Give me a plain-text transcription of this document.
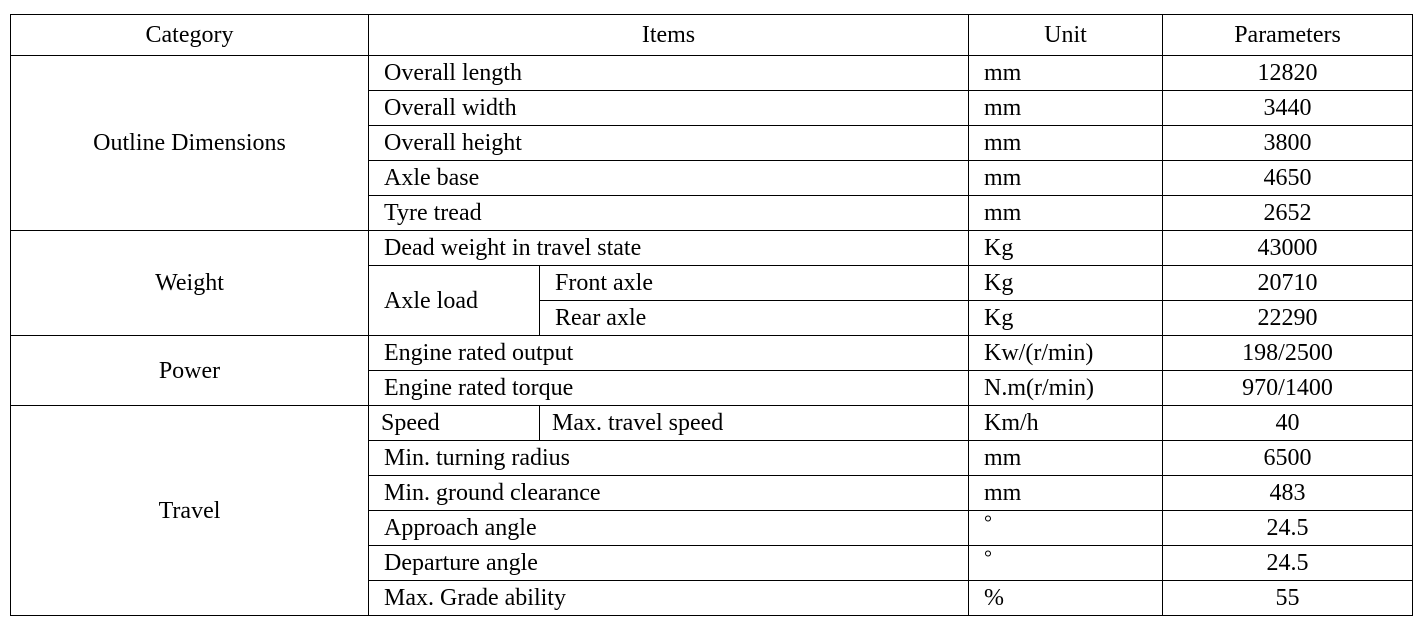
Category	Items		Unit	Parameters
Outline Dimensions	Overall length		mm	12820
	Overall width		mm	3440
	Overall height		mm	3800
	Axle base		mm	4650
	Tyre tread		mm	2652
Weight	Dead weight in travel state		Kg	43000
	Axle load	Front axle	Kg	20710
		Rear axle	Kg	22290
Power	Engine rated output		Kw/(r/min)	198/2500
	Engine rated torque		N.m(r/min)	970/1400
Travel	Speed	Max. travel speed	Km/h	40
	Min. turning radius		mm	6500
	Min. ground clearance		mm	483
	Approach angle		°	24.5
	Departure angle		°	24.5
	Max. Grade ability		%	55
